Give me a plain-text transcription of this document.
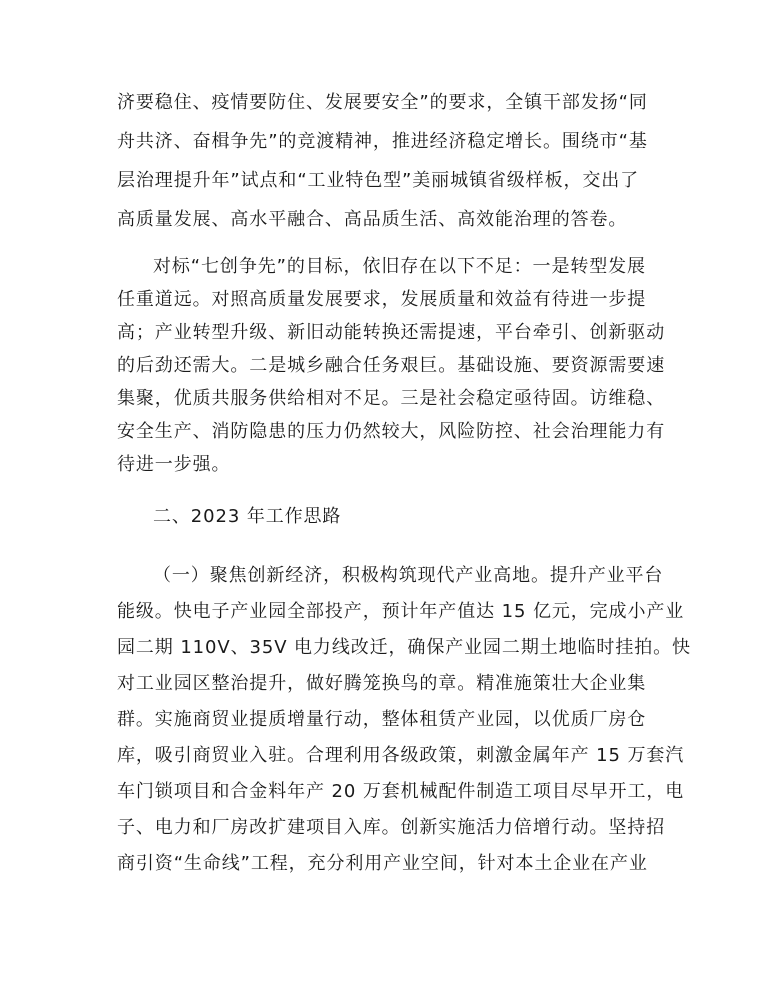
济要稳住、疫情要防住、发展要安全”的要求，全镇干部发扬“同
舟共济、奋楫争先”的竞渡精神，推进经济稳定增长。围绕市“基
层治理提升年”试点和“工业特色型”美丽城镇省级样板，交出了
高质量发展、高水平融合、高品质生活、高效能治理的答卷。
对标“七创争先”的目标，依旧存在以下不足：一是转型发展
任重道远。对照高质量发展要求，发展质量和效益有待进一步提
高；产业转型升级、新旧动能转换还需提速，平台牵引、创新驱动
的后劲还需大。二是城乡融合任务艰巨。基础设施、要资源需要速
集聚，优质共服务供给相对不足。三是社会稳定亟待固。访维稳、
安全生产、消防隐患的压力仍然较大，风险防控、社会治理能力有
待进一步强。
二、2023 年工作思路
（一）聚焦创新经济，积极构筑现代产业高地。提升产业平台
能级。快电子产业园全部投产，预计年产值达 15 亿元，完成小产业
园二期 110V、35V 电力线改迁，确保产业园二期土地临时挂拍。快
对工业园区整治提升，做好腾笼换鸟的章。精准施策壮大企业集
群。实施商贸业提质增量行动，整体租赁产业园，以优质厂房仓
库，吸引商贸业入驻。合理利用各级政策，刺激金属年产 15 万套汽
车门锁项目和合金料年产 20 万套机械配件制造工项目尽早开工，电
子、电力和厂房改扩建项目入库。创新实施活力倍增行动。坚持招
商引资“生命线”工程，充分利用产业空间，针对本土企业在产业
